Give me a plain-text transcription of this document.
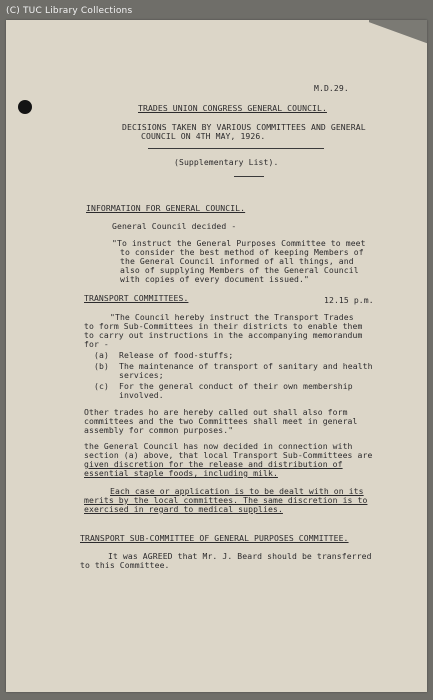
(C) TUC Library Collections
M.D.29.
TRADES UNION CONGRESS GENERAL COUNCIL.
DECISIONS TAKEN BY VARIOUS COMMITTEES AND GENERAL
COUNCIL ON 4TH MAY, 1926.
(Supplementary List).
INFORMATION FOR GENERAL COUNCIL.
General Council decided -
"To instruct the General Purposes Committee to meet
to consider the best method of keeping Members of
the General Council informed of all things, and
also of supplying Members of the General Council
with copies of every document issued."
TRANSPORT COMMITTEES.	12.15 p.m.
"The Council hereby instruct the Transport Trades
to form Sub-Committees in their districts to enable them
to carry out instructions in the accompanying memorandum
for -
(a) Release of food-stuffs;
(b) The maintenance of transport of sanitary and health
services;
(c) For the general conduct of their own membership
involved.
Other trades ho are hereby called out shall also form
committees and the two Committees shall meet in general
assembly for common purposes."
the General Council has now decided in connection with
section (a) above, that local Transport Sub-Committees are
given discretion for the release and distribution of
essential staple foods, including milk.
Each case or application is to be dealt with on its
merits by the local committees. The same discretion is to
exercised in regard to medical supplies.
TRANSPORT SUB-COMMITTEE OF GENERAL PURPOSES COMMITTEE.
It was AGREED that Mr. J. Beard should be transferred
to this Committee.
